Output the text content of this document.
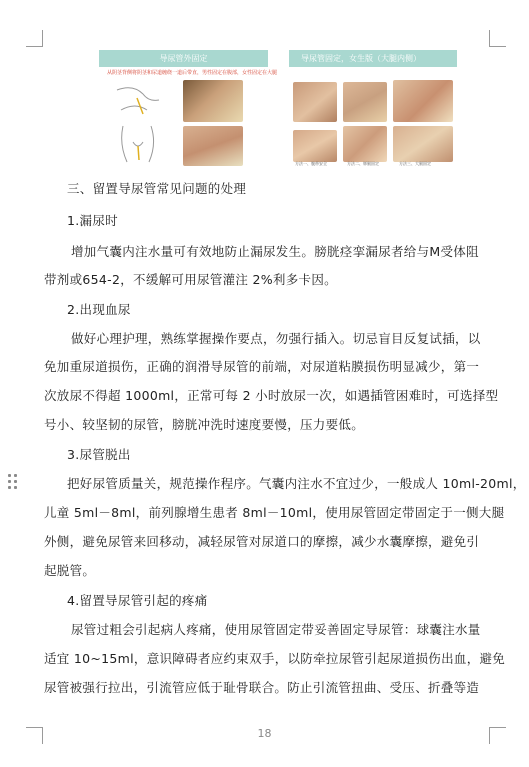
导尿管外固定
从阴茎背侧将阴茎和尿道缠绕一道后带直，男性固定在腹部，女性固定在大腿
导尿管固定，女生版（大腿内侧）
方法一、腹带安全	方法二、绑腿固定	方法三、大腿固定
三、留置导尿管常见问题的处理
1.漏尿时
增加气囊内注水量可有效地防止漏尿发生。膀胱痉挛漏尿者给与M受体阻
带剂或654-2，不缓解可用尿管灌注 2%利多卡因。
2.出现血尿
做好心理护理，熟练掌握操作要点，勿强行插入。切忌盲目反复试插，以
免加重尿道损伤，正确的润滑导尿管的前端，对尿道粘膜损伤明显减少，第一
次放尿不得超 1000ml，正常可每 2 小时放尿一次，如遇插管困难时，可选择型
号小、较坚韧的尿管，膀胱冲洗时速度要慢，压力要低。
3.尿管脱出
把好尿管质量关，规范操作程序。气囊内注水不宜过少，一般成人 10ml-20ml，
儿童 5ml－8ml，前列腺增生患者 8ml－10ml，使用尿管固定带固定于一侧大腿
外侧，避免尿管来回移动，减轻尿管对尿道口的摩擦，减少水囊摩擦，避免引
起脱管。
4.留置导尿管引起的疼痛
尿管过粗会引起病人疼痛，使用尿管固定带妥善固定导尿管：球囊注水量
适宜 10~15ml，意识障碍者应约束双手，以防牵拉尿管引起尿道损伤出血，避免
尿管被强行拉出，引流管应低于耻骨联合。防止引流管扭曲、受压、折叠等造
18
